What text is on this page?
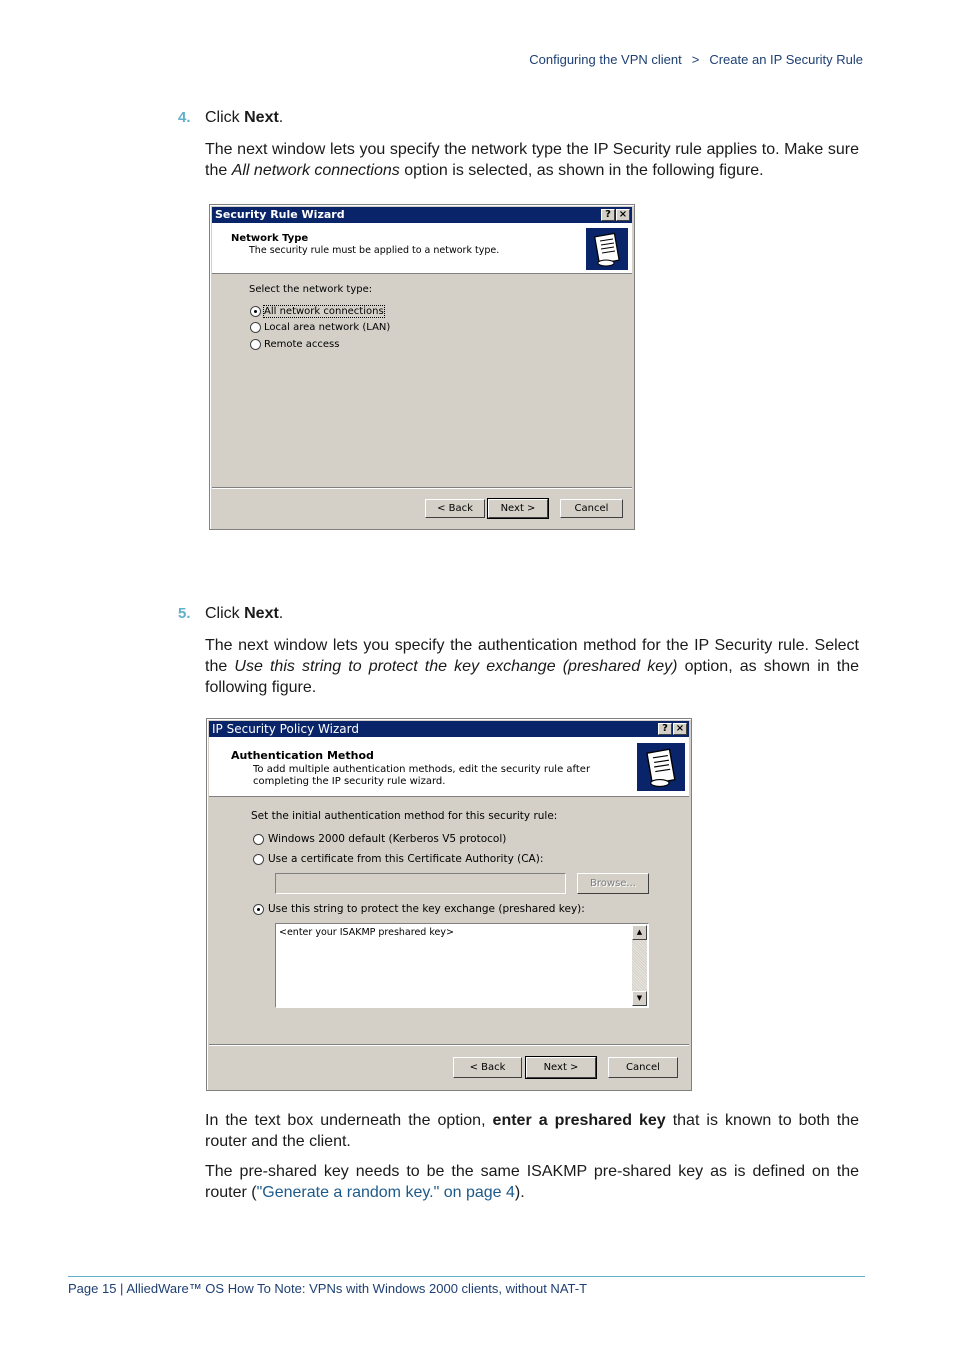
Configuring the VPN client > Create an IP Security Rule
4. Click Next.
The next window lets you specify the network type the IP Security rule applies to. Make sure the All network connections option is selected, as shown in the following figure.
Security Rule Wizard	? ×
Network Type
The security rule must be applied to a network type.
Select the network type:
All network connections
Local area network (LAN)
Remote access
< Back	Next >	Cancel
5. Click Next.
The next window lets you specify the authentication method for the IP Security rule. Select the Use this string to protect the key exchange (preshared key) option, as shown in the following figure.
IP Security Policy Wizard	? ×
Authentication Method
To add multiple authentication methods, edit the security rule after completing the IP security rule wizard.
Set the initial authentication method for this security rule:
Windows 2000 default (Kerberos V5 protocol)
Use a certificate from this Certificate Authority (CA):
Browse...
Use this string to protect the key exchange (preshared key):
<enter your ISAKMP preshared key>	▲
▼
< Back	Next >	Cancel
In the text box underneath the option, enter a preshared key that is known to both the router and the client.
The pre-shared key needs to be the same ISAKMP pre-shared key as is defined on the router ("Generate a random key." on page 4).
Page 15 | AlliedWare™ OS How To Note: VPNs with Windows 2000 clients, without NAT-T
